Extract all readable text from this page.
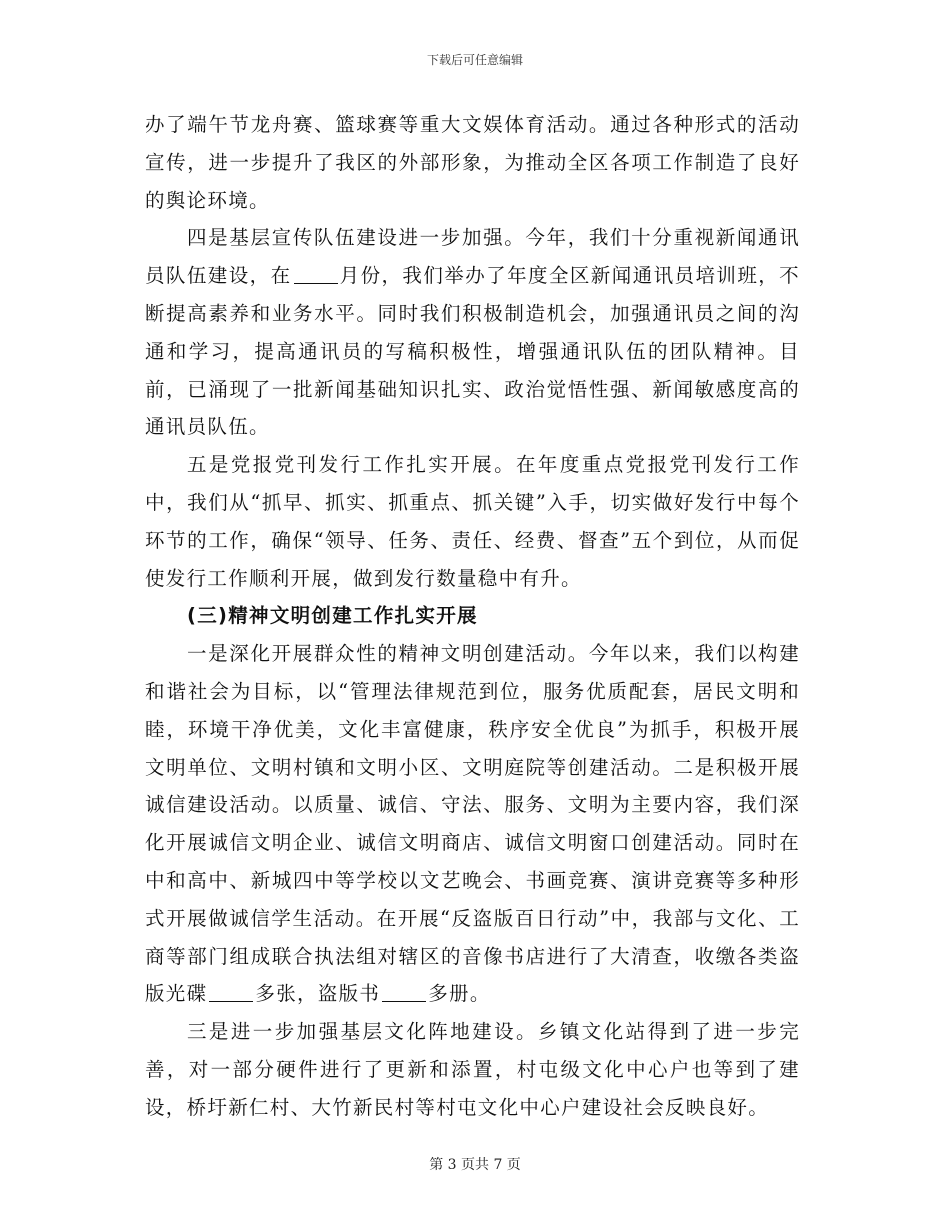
下载后可任意编辑

办了端午节龙舟赛、篮球赛等重大文娱体育活动。通过各种形式的活动宣传，进一步提升了我区的外部形象，为推动全区各项工作制造了良好的舆论环境。

四是基层宣传队伍建设进一步加强。今年，我们十分重视新闻通讯员队伍建设，在 月份，我们举办了年度全区新闻通讯员培训班，不断提高素养和业务水平。同时我们积极制造机会，加强通讯员之间的沟通和学习，提高通讯员的写稿积极性，增强通讯队伍的团队精神。目前，已涌现了一批新闻基础知识扎实、政治觉悟性强、新闻敏感度高的通讯员队伍。

五是党报党刊发行工作扎实开展。在年度重点党报党刊发行工作中，我们从“抓早、抓实、抓重点、抓关键”入手，切实做好发行中每个环节的工作，确保“领导、任务、责任、经费、督查”五个到位，从而促使发行工作顺利开展，做到发行数量稳中有升。

(三)精神文明创建工作扎实开展

一是深化开展群众性的精神文明创建活动。今年以来，我们以构建和谐社会为目标，以“管理法律规范到位，服务优质配套，居民文明和睦，环境干净优美，文化丰富健康，秩序安全优良”为抓手，积极开展文明单位、文明村镇和文明小区、文明庭院等创建活动。二是积极开展诚信建设活动。以质量、诚信、守法、服务、文明为主要内容，我们深化开展诚信文明企业、诚信文明商店、诚信文明窗口创建活动。同时在中和高中、新城四中等学校以文艺晚会、书画竞赛、演讲竞赛等多种形式开展做诚信学生活动。在开展“反盗版百日行动”中，我部与文化、工商等部门组成联合执法组对辖区的音像书店进行了大清查，收缴各类盗版光碟 多张，盗版书 多册。

三是进一步加强基层文化阵地建设。乡镇文化站得到了进一步完善，对一部分硬件进行了更新和添置，村屯级文化中心户也等到了建设，桥圩新仁村、大竹新民村等村屯文化中心户建设社会反映良好。

第 3 页共 7 页
